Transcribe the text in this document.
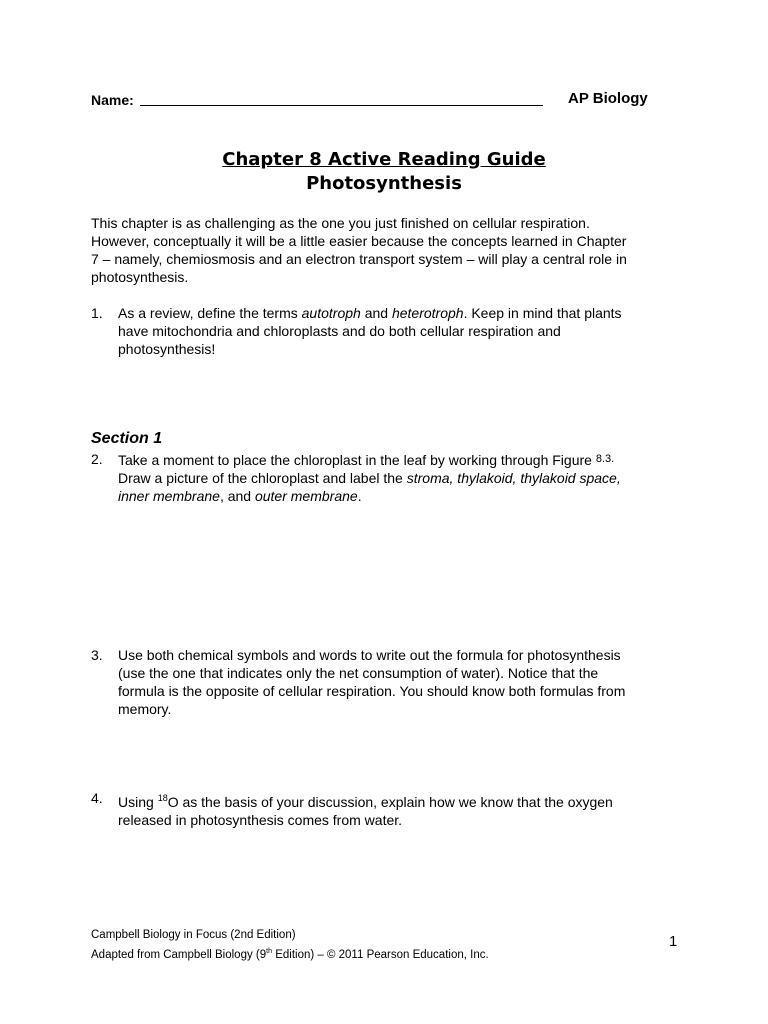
Name:	AP Biology
Chapter 8 Active Reading Guide
Photosynthesis
This chapter is as challenging as the one you just finished on cellular respiration.
However, conceptually it will be a little easier because the concepts learned in Chapter
7 – namely, chemiosmosis and an electron transport system – will play a central role in
photosynthesis.
1. As a review, define the terms autotroph and heterotroph. Keep in mind that plants
have mitochondria and chloroplasts and do both cellular respiration and
photosynthesis!
Section 1
2. Take a moment to place the chloroplast in the leaf by working through Figure $^{8.3.}$
Draw a picture of the chloroplast and label the stroma, thylakoid, thylakoid space,
inner membrane, and outer membrane.
3. Use both chemical symbols and words to write out the formula for photosynthesis
(use the one that indicates only the net consumption of water). Notice that the
formula is the opposite of cellular respiration. You should know both formulas from
memory.
4. Using $^{18}$O as the basis of your discussion, explain how we know that the oxygen
released in photosynthesis comes from water.
Campbell Biology in Focus (2nd Edition)
Adapted from Campbell Biology (9th Edition) – © 2011 Pearson Education, Inc.
1
